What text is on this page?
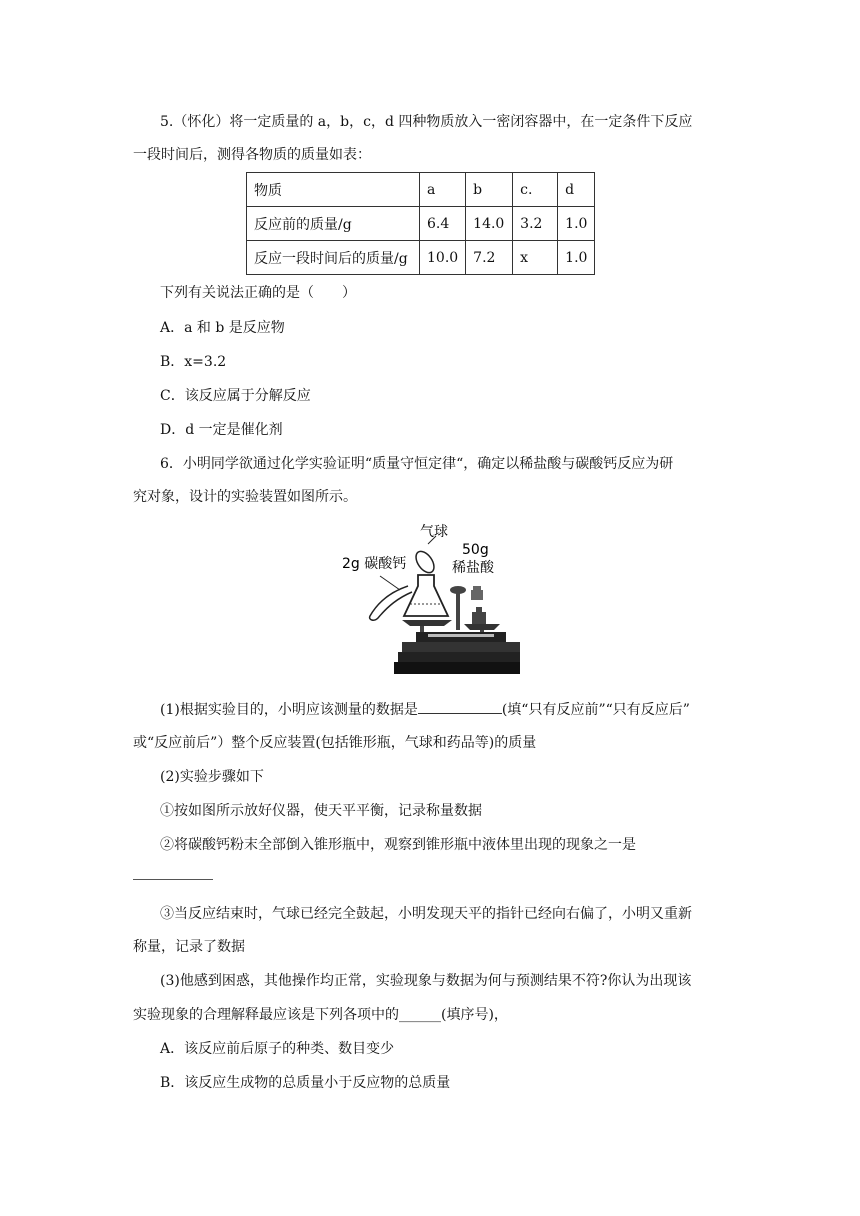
5.（怀化）将一定质量的 a，b，c，d 四种物质放入一密闭容器中，在一定条件下反应
一段时间后，测得各物质的质量如表：
物质	a	b	c.	d
反应前的质量/g	6.4	14.0	3.2	1.0
反应一段时间后的质量/g	10.0	7.2	x	1.0
下列有关说法正确的是（　　）
A．a 和 b 是反应物
B．x=3.2
C．该反应属于分解反应
D．d 一定是催化剂
6．小明同学欲通过化学实验证明“质量守恒定律“，确定以稀盐酸与碳酸钙反应为研
究对象，设计的实验装置如图所示。
气球
2g 碳酸钙
50g
稀盐酸
(1)根据实验目的，小明应该测量的数据是	(填“只有反应前”“只有反应后”
或“反应前后”）整个反应装置(包括锥形瓶，气球和药品等)的质量
(2)实验步骤如下
①按如图所示放好仪器，使天平平衡，记录称量数据
②将碳酸钙粉末全部倒入锥形瓶中，观察到锥形瓶中液体里出现的现象之一是
③当反应结束时，气球已经完全鼓起，小明发现天平的指针已经向右偏了，小明又重新
称量，记录了数据
(3)他感到困惑，其他操作均正常，实验现象与数据为何与预测结果不符?你认为出现该
实验现象的合理解释最应该是下列各项中的______(填序号)，
A．该反应前后原子的种类、数目变少
B．该反应生成物的总质量小于反应物的总质量
